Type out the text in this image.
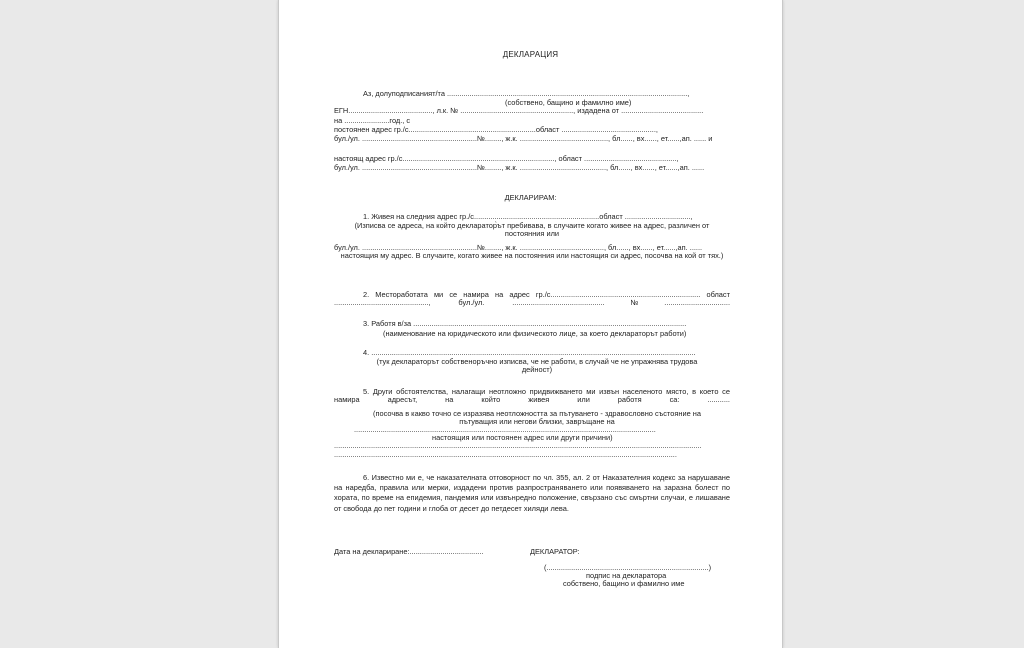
ДЕКЛАРАЦИЯ

Аз, долуподписаният/та .....................................................................................................................,

(собствено, бащино и фамилно име)

ЕГН........................................., л.к. № ......................................................., издадена от ........................................

на ......................год., с

постоянен адрес гр./с..............................................................област ..............................................,

бул./ул. ........................................................№........, ж.к. ..........................................., бл......, вх......, ет......,ап. ...... и

настоящ адрес гр./с.........................................................................., област .............................................,

бул./ул. ........................................................№........, ж.к. .........................................., бл......, вх......, ет......,ап. ......

ДЕКЛАРИРАМ:

1. Живея на следния адрес гр./с.............................................................област ................................,

(Изписва се адреса, на който декларатор̀ът пребивава, в случаите когато живее на адрес, различен от постоянния или

бул./ул. ........................................................№........, ж.к. ........................................., бл......, вх......, ет......,ап. ......

настоящия му адрес. В случаите, когато живее на постоянния или настоящия си адрес, посочва на кой от тях.)

2. Местоработата ми се намира на адрес гр./с......................................................................... област .............................................., бул./ул. .............................................№................................

3. Работя в/за .....................................................................................................................................

(наименование на юридическото или физическото лице, за което деклараторът работи)

4. ..............................................................................................................................................................

(тук деклараторът собственоръчно изписва, че не работи, в случай че не упражнява трудова дейност)

5. Други обстоятелства, налагащи неотложно придвижването ми извън населеното място, в което се намира адресът, на който живея или работя са: ...........

(посочва в какво точно се изразява неотложността за пътуването - здравословно състояние на пътуващия или негови близки, завръщане на

...................................................................................................................................................

настоящия или постоянен адрес или други причини)

...................................................................................................................................................................................

.......................................................................................................................................................................

6. Известно ми е, че наказателната отговорност по чл. 355, ал. 2 от Наказателния кодекс за нарушаване на наредба, правила или мерки, издадени против разпространяването или появяването на заразна болест по хората, по време на епидемия, пандемия или извънредно положение, свързано със смъртни случаи, е лишаване от свобода до пет години и глоба от десет до петдесет хиляди лева.

Дата на деклариране:....................................	ДЕКЛАРАТОР:

(...............................................................................)

подпис на декларатора

собствено, бащино и фамилно име
